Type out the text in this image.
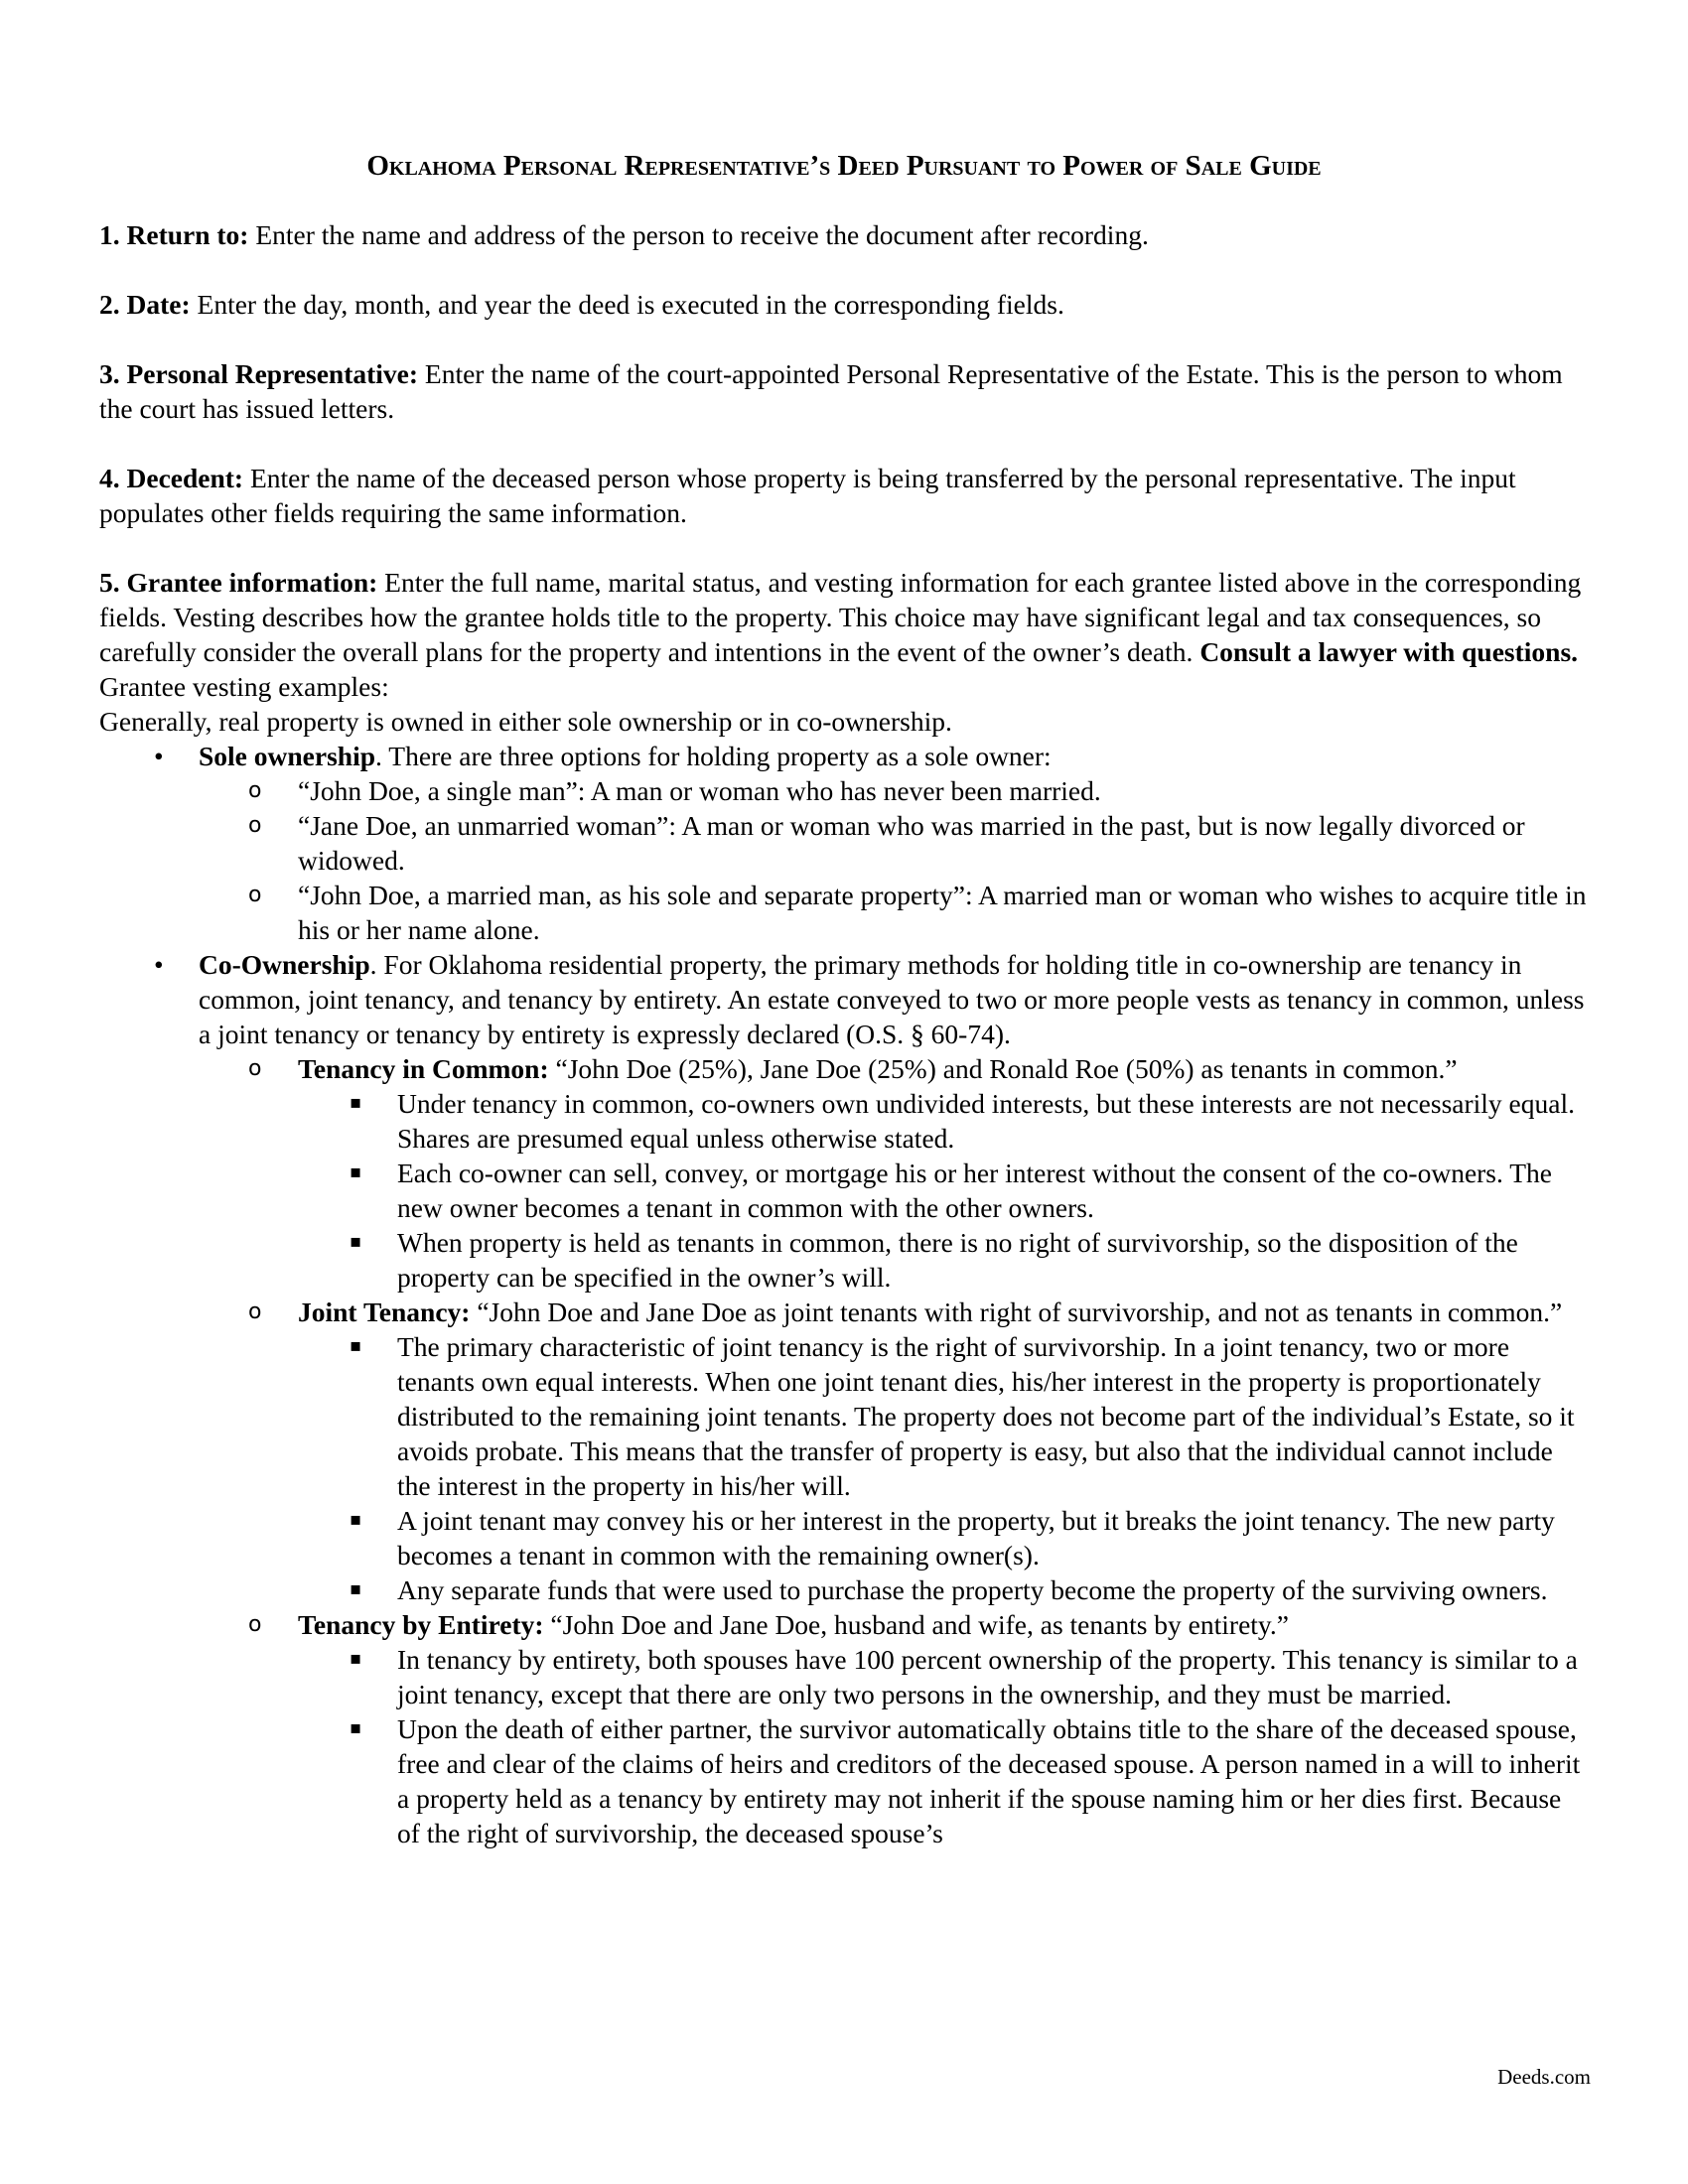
Oklahoma Personal Representative’s Deed Pursuant to Power of Sale Guide
1. Return to: Enter the name and address of the person to receive the document after recording.
2. Date: Enter the day, month, and year the deed is executed in the corresponding fields.
3. Personal Representative: Enter the name of the court-appointed Personal Representative of the Estate. This is the person to whom the court has issued letters.
4. Decedent: Enter the name of the deceased person whose property is being transferred by the personal representative. The input populates other fields requiring the same information.
5. Grantee information: Enter the full name, marital status, and vesting information for each grantee listed above in the corresponding fields. Vesting describes how the grantee holds title to the property. This choice may have significant legal and tax consequences, so carefully consider the overall plans for the property and intentions in the event of the owner’s death. Consult a lawyer with questions.
Grantee vesting examples:
Generally, real property is owned in either sole ownership or in co-ownership.
• Sole ownership. There are three options for holding property as a sole owner:
o “John Doe, a single man”: A man or woman who has never been married.
o “Jane Doe, an unmarried woman”: A man or woman who was married in the past, but is now legally divorced or widowed.
o “John Doe, a married man, as his sole and separate property”: A married man or woman who wishes to acquire title in his or her name alone.
• Co-Ownership. For Oklahoma residential property, the primary methods for holding title in co-ownership are tenancy in common, joint tenancy, and tenancy by entirety. An estate conveyed to two or more people vests as tenancy in common, unless a joint tenancy or tenancy by entirety is expressly declared (O.S. § 60-74).
o Tenancy in Common: “John Doe (25%), Jane Doe (25%) and Ronald Roe (50%) as tenants in common.”
▪ Under tenancy in common, co-owners own undivided interests, but these interests are not necessarily equal. Shares are presumed equal unless otherwise stated.
▪ Each co-owner can sell, convey, or mortgage his or her interest without the consent of the co-owners. The new owner becomes a tenant in common with the other owners.
▪ When property is held as tenants in common, there is no right of survivorship, so the disposition of the property can be specified in the owner’s will.
o Joint Tenancy: “John Doe and Jane Doe as joint tenants with right of survivorship, and not as tenants in common.”
▪ The primary characteristic of joint tenancy is the right of survivorship. In a joint tenancy, two or more tenants own equal interests. When one joint tenant dies, his/her interest in the property is proportionately distributed to the remaining joint tenants. The property does not become part of the individual’s Estate, so it avoids probate. This means that the transfer of property is easy, but also that the individual cannot include the interest in the property in his/her will.
▪ A joint tenant may convey his or her interest in the property, but it breaks the joint tenancy. The new party becomes a tenant in common with the remaining owner(s).
▪ Any separate funds that were used to purchase the property become the property of the surviving owners.
o Tenancy by Entirety: “John Doe and Jane Doe, husband and wife, as tenants by entirety.”
▪ In tenancy by entirety, both spouses have 100 percent ownership of the property. This tenancy is similar to a joint tenancy, except that there are only two persons in the ownership, and they must be married.
▪ Upon the death of either partner, the survivor automatically obtains title to the share of the deceased spouse, free and clear of the claims of heirs and creditors of the deceased spouse. A person named in a will to inherit a property held as a tenancy by entirety may not inherit if the spouse naming him or her dies first. Because of the right of survivorship, the deceased spouse’s
Deeds.com
